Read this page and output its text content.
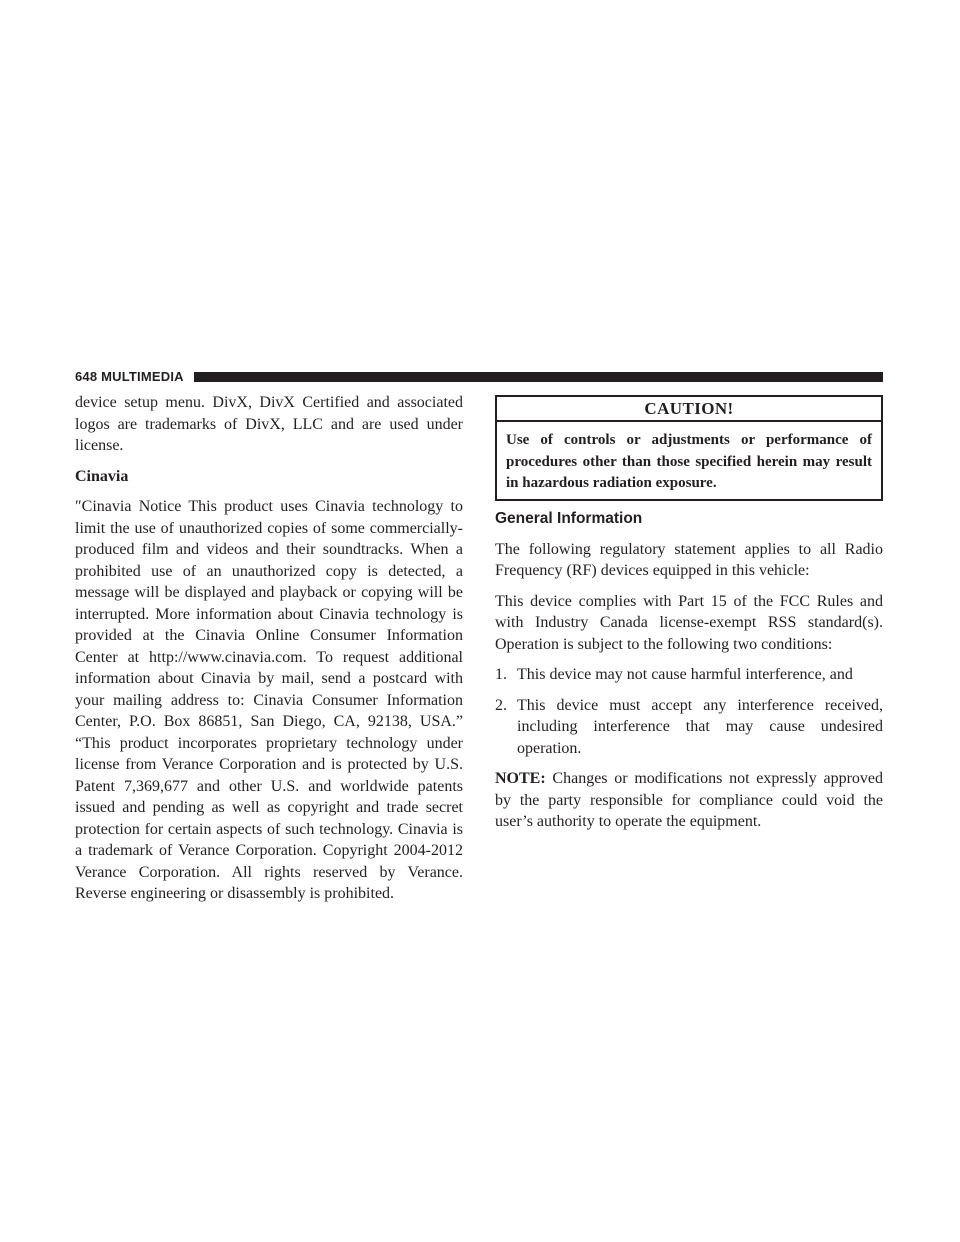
648 MULTIMEDIA

device setup menu. DivX, DivX Certified and associated logos are trademarks of DivX, LLC and are used under license.

Cinavia

″Cinavia Notice This product uses Cinavia technology to limit the use of unauthorized copies of some commercially-produced film and videos and their soundtracks. When a prohibited use of an unauthorized copy is detected, a message will be displayed and playback or copying will be interrupted. More information about Cinavia technology is provided at the Cinavia Online Consumer Information Center at http://www.cinavia.com. To request additional information about Cinavia by mail, send a postcard with your mailing address to: Cinavia Consumer Information Center, P.O. Box 86851, San Diego, CA, 92138, USA.” “This product incorporates proprietary technology under license from Verance Corporation and is protected by U.S. Patent 7,369,677 and other U.S. and worldwide patents issued and pending as well as copyright and trade secret protection for certain aspects of such technology. Cinavia is a trademark of Verance Corporation. Copyright 2004-2012 Verance Corporation. All rights reserved by Verance. Reverse engineering or disassembly is prohibited.

CAUTION!
Use of controls or adjustments or performance of procedures other than those specified herein may result in hazardous radiation exposure.
General Information

The following regulatory statement applies to all Radio Frequency (RF) devices equipped in this vehicle:

This device complies with Part 15 of the FCC Rules and with Industry Canada license-exempt RSS standard(s). Operation is subject to the following two conditions:

1. This device may not cause harmful interference, and
2. This device must accept any interference received, including interference that may cause undesired operation.

NOTE: Changes or modifications not expressly approved by the party responsible for compliance could void the user’s authority to operate the equipment.
